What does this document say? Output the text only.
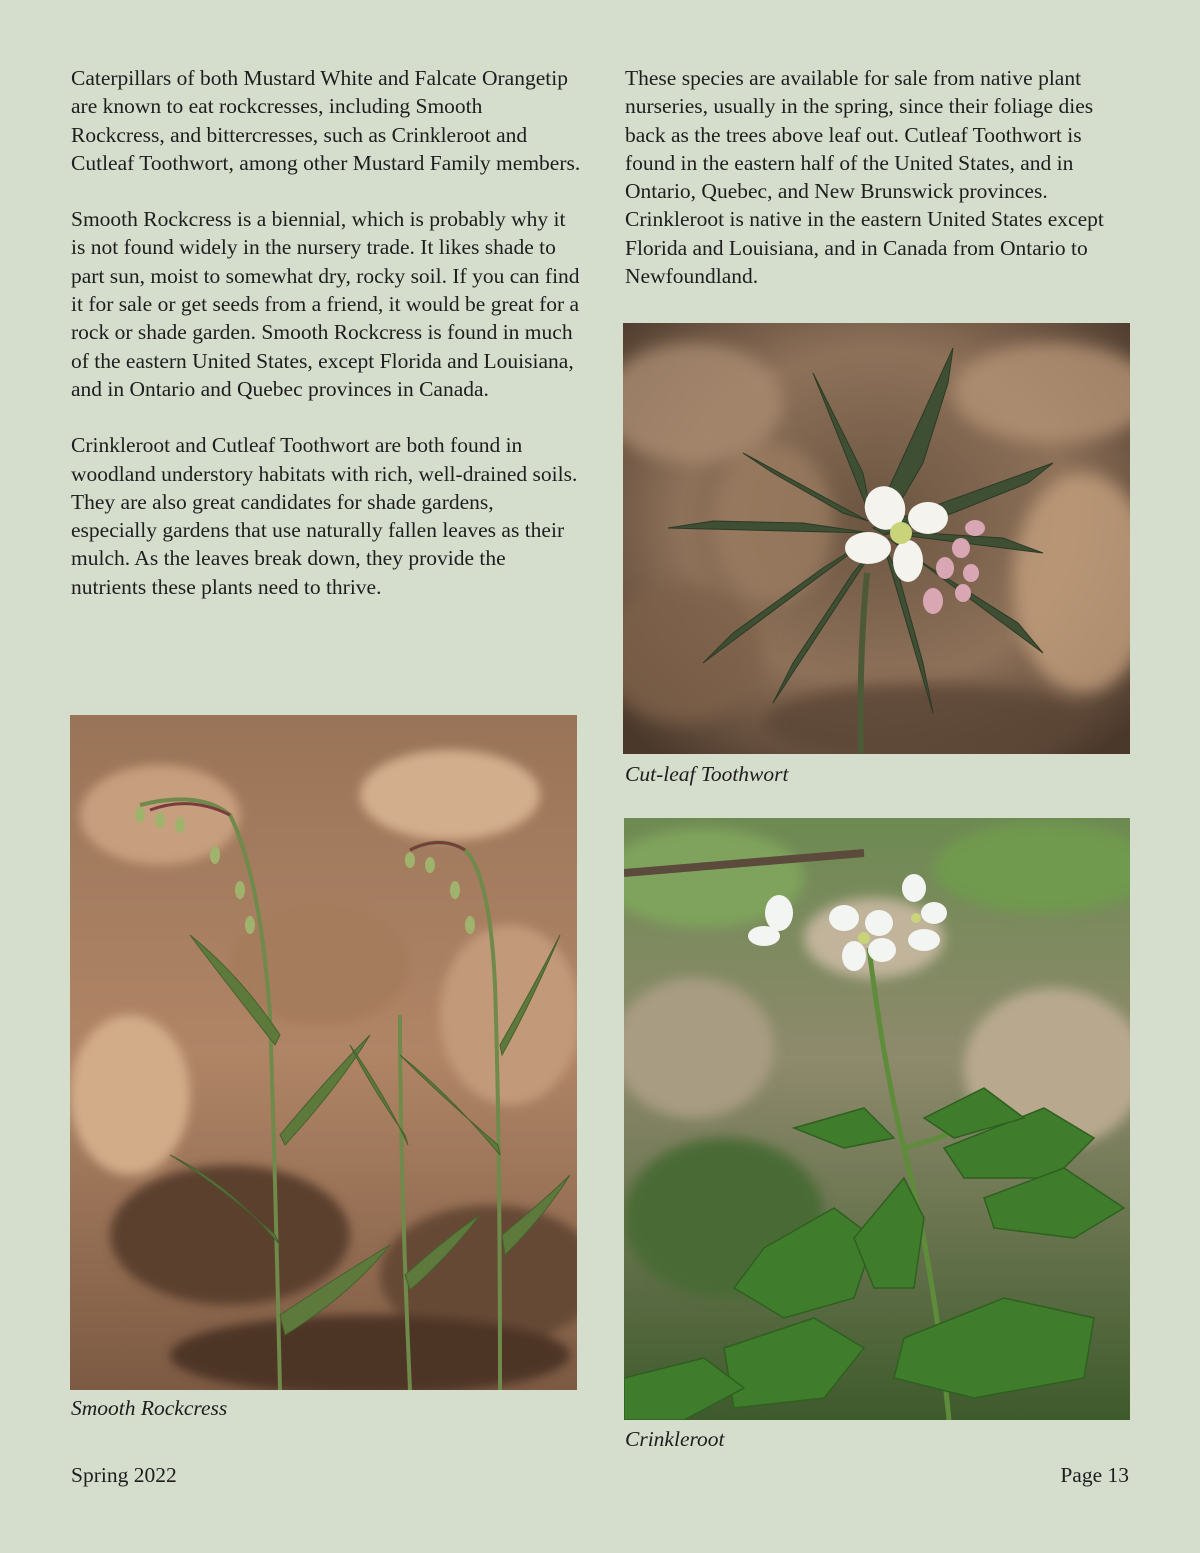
Caterpillars of both Mustard White and Falcate Orangetip are known to eat rockcresses, including Smooth Rockcress, and bittercresses, such as Crinkleroot and Cutleaf Toothwort, among other Mustard Family members.

Smooth Rockcress is a biennial, which is probably why it is not found widely in the nursery trade. It likes shade to part sun, moist to somewhat dry, rocky soil. If you can find it for sale or get seeds from a friend, it would be great for a rock or shade garden. Smooth Rockcress is found in much of the eastern United States, except Florida and Louisiana, and in Ontario and Quebec provinces in Canada.

Crinkleroot and Cutleaf Toothwort are both found in woodland understory habitats with rich, well-drained soils. They are also great candidates for shade gardens, especially gardens that use naturally fallen leaves as their mulch. As the leaves break down, they provide the nutrients these plants need to thrive.

These species are available for sale from native plant nurseries, usually in the spring, since their foliage dies back as the trees above leaf out. Cutleaf Toothwort is found in the eastern half of the United States, and in Ontario, Quebec, and New Brunswick provinces. Crinkleroot is native in the eastern United States except Florida and Louisiana, and in Canada from Ontario to Newfoundland.

Cut-leaf Toothwort
Smooth Rockcress
Crinkleroot
Spring 2022	Page 13
